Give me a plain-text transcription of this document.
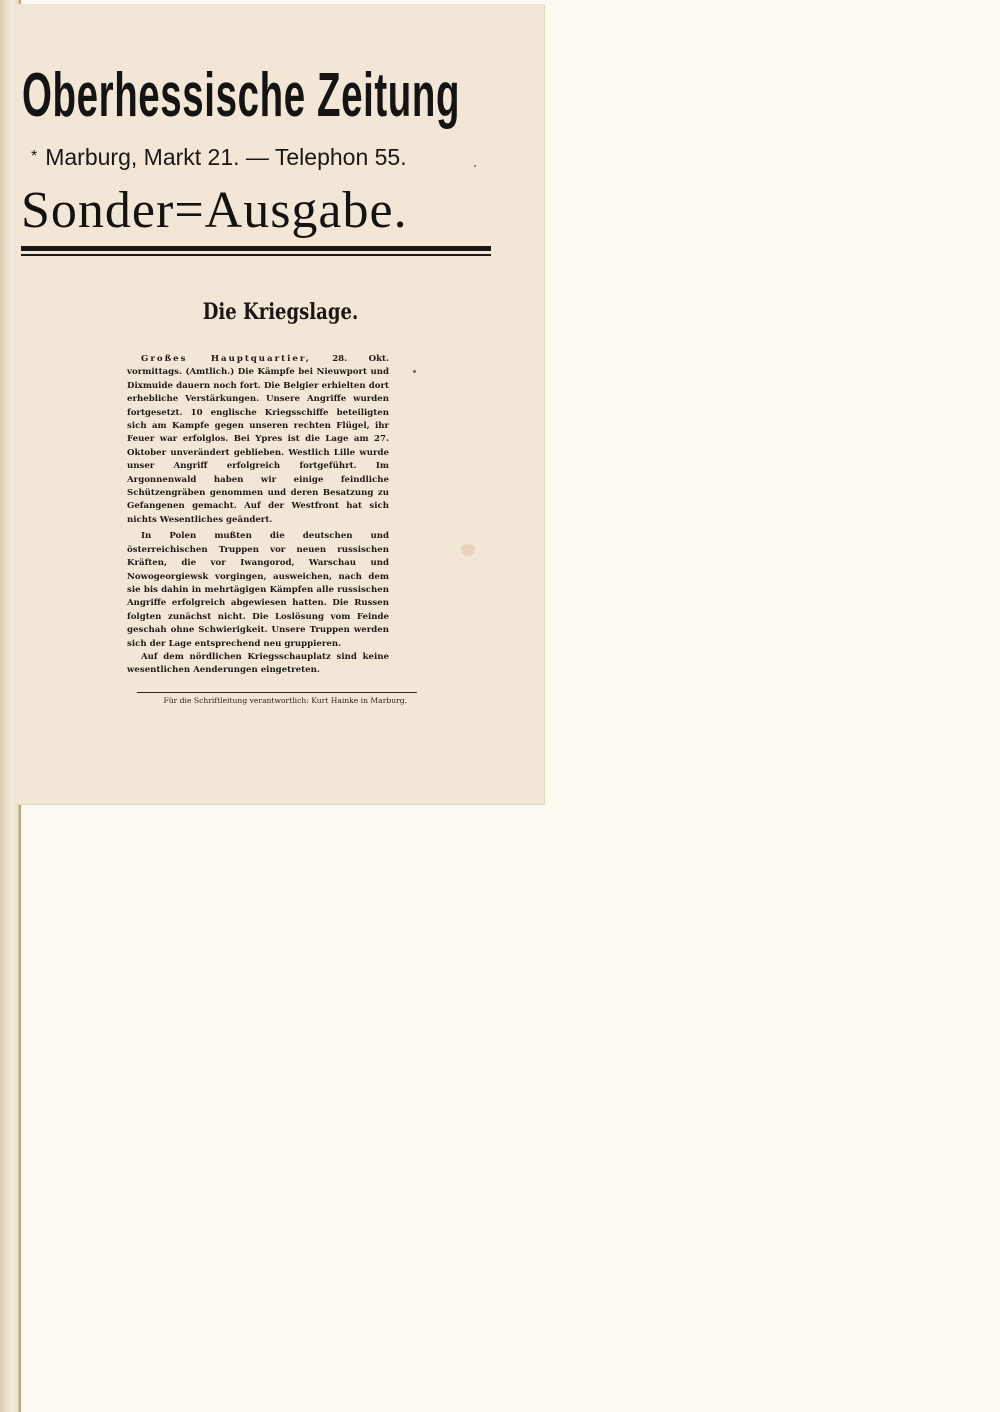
Oberhessische Zeitung
* Marburg, Markt 21. — Telephon 55.
Sonder=Ausgabe.
Die Kriegslage.

Großes Hauptquartier, 28. Okt. vormittags. (Amtlich.) Die Kämpfe bei Nieuwport und Dixmuide dauern noch fort. Die Belgier erhielten dort erhebliche Verstärkungen. Unsere Angriffe wurden fortgesetzt. 10 englische Kriegsschiffe beteiligten sich am Kampfe gegen unseren rechten Flügel, ihr Feuer war erfolglos. Bei Ypres ist die Lage am 27. Oktober unverändert geblieben. Westlich Lille wurde unser Angriff erfolgreich fortgeführt. Im Argonnenwald haben wir einige feindliche Schützengräben genommen und deren Besatzung zu Gefangenen gemacht. Auf der Westfront hat sich nichts Wesentliches geändert.

In Polen mußten die deutschen und österreichischen Truppen vor neuen russischen Kräften, die vor Iwangorod, Warschau und Nowogeorgiewsk vorgingen, ausweichen, nach dem sie bis dahin in mehrtägigen Kämpfen alle russischen Angriffe erfolgreich abgewiesen hatten. Die Russen folgten zunächst nicht. Die Loslösung vom Feinde geschah ohne Schwierigkeit. Unsere Truppen werden sich der Lage entsprechend neu gruppieren.

Auf dem nördlichen Kriegsschauplatz sind keine wesentlichen Aenderungen eingetreten.

Für die Schriftleitung verantwortlich: Kurt Hainke in Marburg.
